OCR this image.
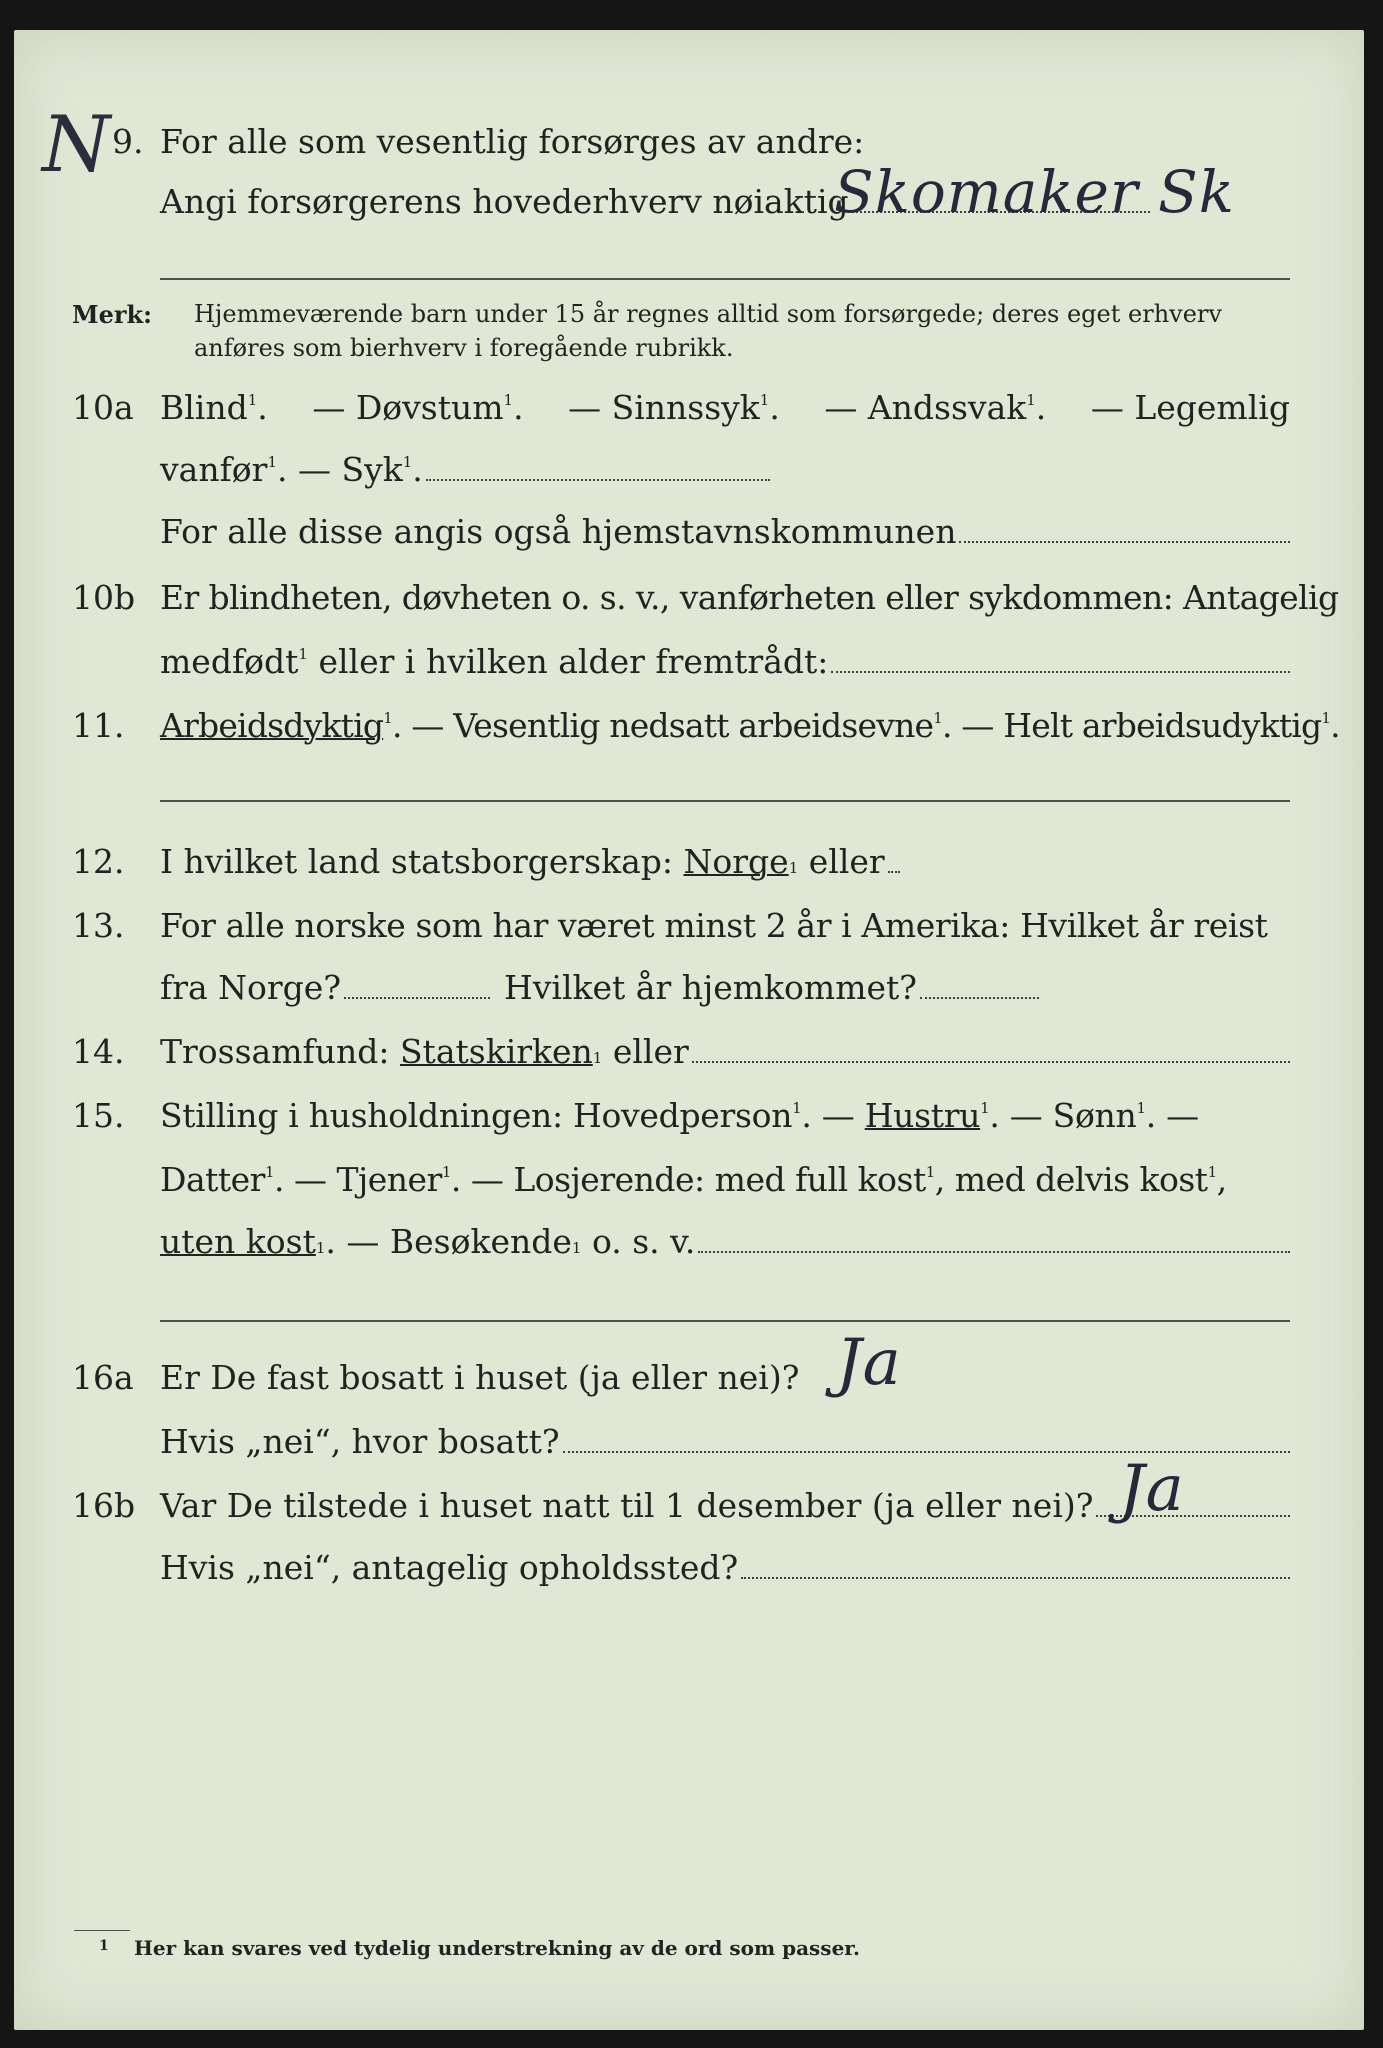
N 9. For alle som vesentlig forsørges av andre:
Angi forsørgerens hovederhverv nøiaktig
Skomaker Sk
Merk: Hjemmeværende barn under 15 år regnes alltid som forsørgede; deres eget erhverv
anføres som bierhverv i foregående rubrikk.
10a Blind$^1$. — Døvstum$^1$. — Sinnssyk$^1$. — Andssvak$^1$. — Legemlig
vanfør$^1$. — Syk$^1$.
For alle disse angis også hjemstavnskommunen
10b Er blindheten, døvheten o. s. v., vanførheten eller sykdommen: Antagelig
medfødt$^1$ eller i hvilken alder fremtrådt:
11. Arbeidsdyktig$^1$. — Vesentlig nedsatt arbeidsevne$^1$. — Helt arbeidsudyktig$^1$.
12. I hvilket land statsborgerskap:
Norge 1
eller
13. For alle norske som har været minst 2 år i Amerika: Hvilket år reist
fra Norge?	Hvilket år hjemkommet?
14. Trossamfund:
Statskirken 1
eller
15. Stilling i husholdningen: Hovedperson$^1$. — Hustru$^1$. — Sønn$^1$. —
Datter$^1$. — Tjener$^1$. — Losjerende: med full kost$^1$, med delvis kost$^1$,
uten kost 1 . — Besøkende 1
o. s. v.
16a Er De fast bosatt i huset (ja eller nei)? Ja
Hvis „nei“, hvor bosatt?
16b Var De tilstede i huset natt til 1 desember (ja eller nei)? Ja
Hvis „nei“, antagelig opholdssted?
1 Her kan svares ved tydelig understrekning av de ord som passer.
